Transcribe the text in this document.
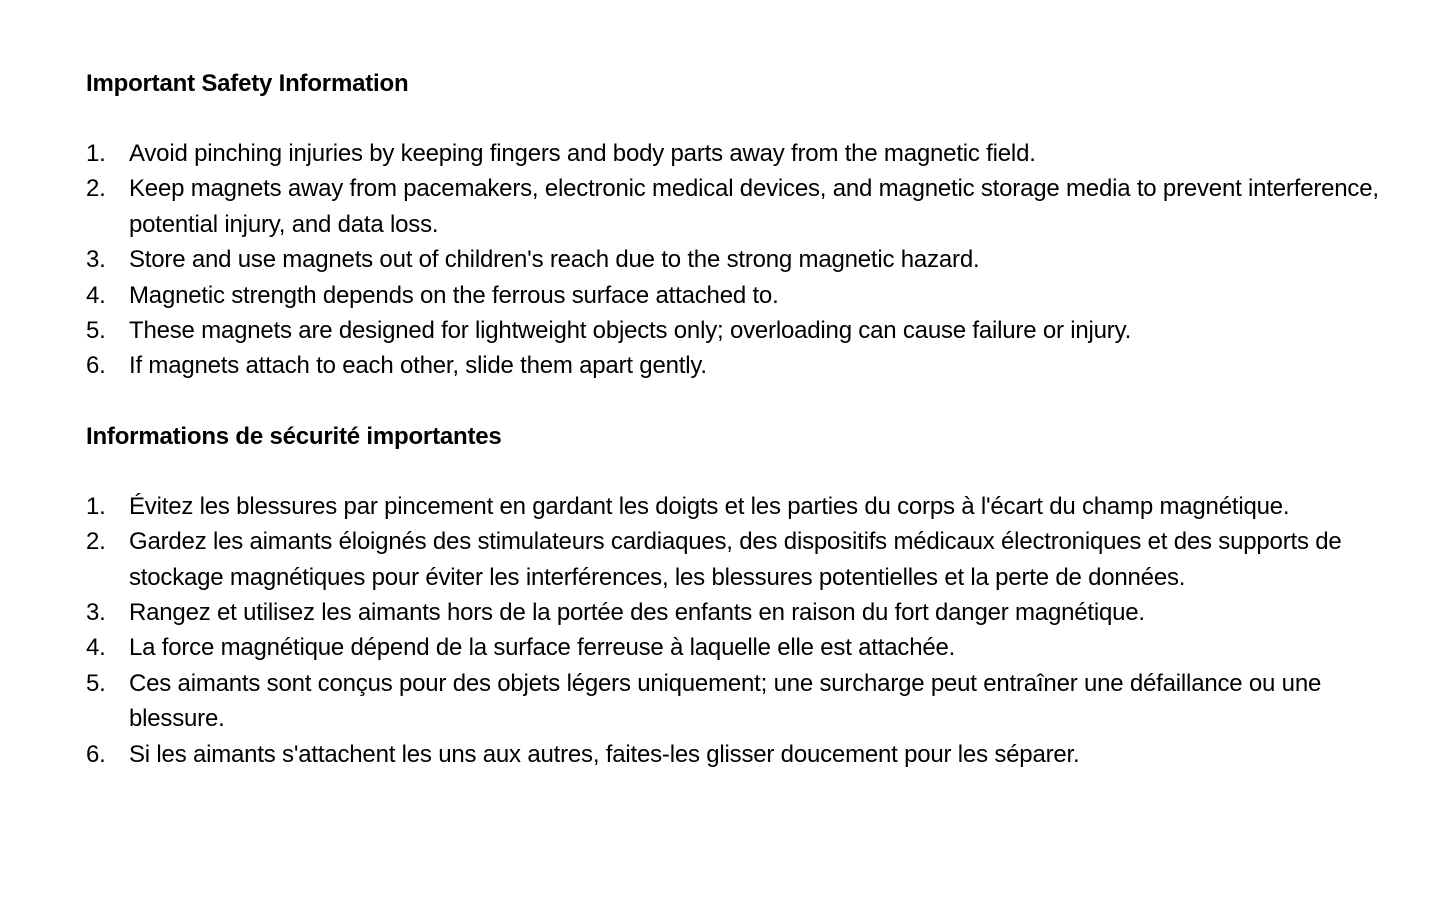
Important Safety Information
1. Avoid pinching injuries by keeping fingers and body parts away from the magnetic field.
2. Keep magnets away from pacemakers, electronic medical devices, and magnetic storage media to prevent interference, potential injury, and data loss.
3. Store and use magnets out of children's reach due to the strong magnetic hazard.
4. Magnetic strength depends on the ferrous surface attached to.
5. These magnets are designed for lightweight objects only; overloading can cause failure or injury.
6. If magnets attach to each other, slide them apart gently.
Informations de sécurité importantes
1. Évitez les blessures par pincement en gardant les doigts et les parties du corps à l'écart du champ magnétique.
2. Gardez les aimants éloignés des stimulateurs cardiaques, des dispositifs médicaux électroniques et des supports de stockage magnétiques pour éviter les interférences, les blessures potentielles et la perte de données.
3. Rangez et utilisez les aimants hors de la portée des enfants en raison du fort danger magnétique.
4. La force magnétique dépend de la surface ferreuse à laquelle elle est attachée.
5. Ces aimants sont conçus pour des objets légers uniquement; une surcharge peut entraîner une défaillance ou une blessure.
6. Si les aimants s'attachent les uns aux autres, faites-les glisser doucement pour les séparer.
